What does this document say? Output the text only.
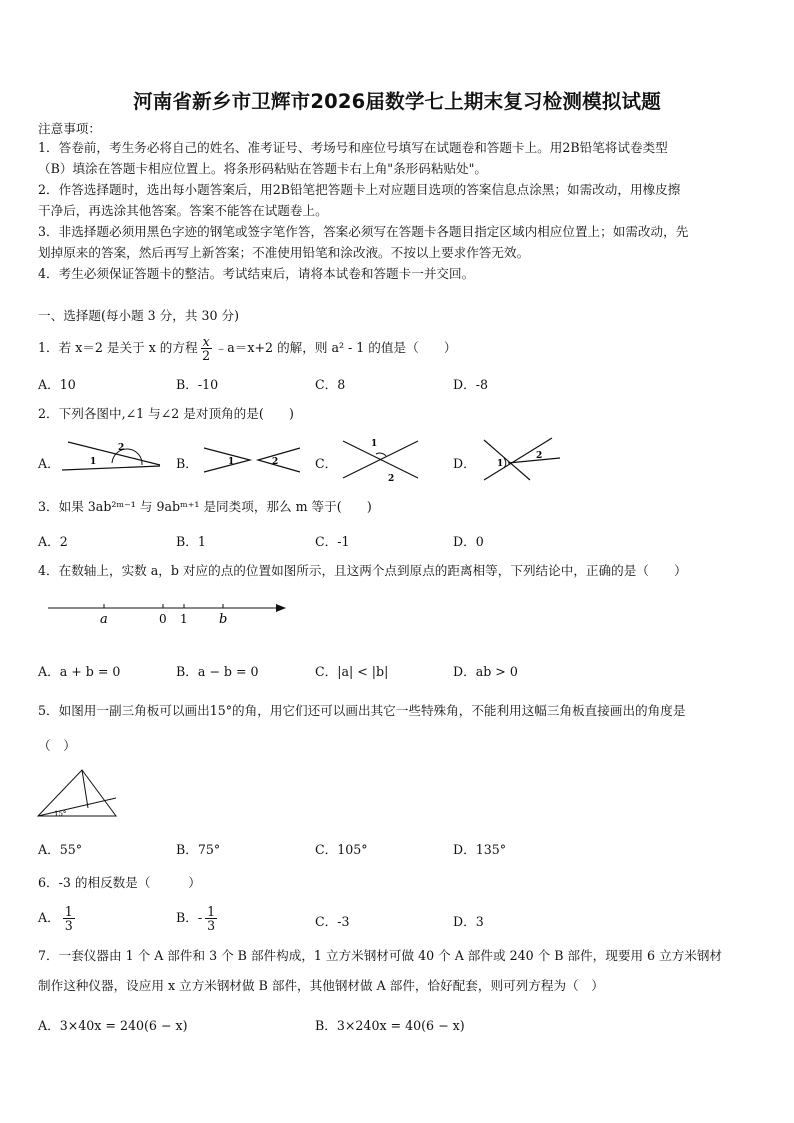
河南省新乡市卫辉市2026届数学七上期末复习检测模拟试题
注意事项：
1．答卷前，考生务必将自己的姓名、准考证号、考场号和座位号填写在试题卷和答题卡上。用2B铅笔将试卷类型
（B）填涂在答题卡相应位置上。将条形码粘贴在答题卡右上角"条形码粘贴处"。
2．作答选择题时，选出每小题答案后，用2B铅笔把答题卡上对应题目选项的答案信息点涂黑；如需改动，用橡皮擦
干净后，再选涂其他答案。答案不能答在试题卷上。
3．非选择题必须用黑色字迹的钢笔或签字笔作答，答案必须写在答题卡各题目指定区域内相应位置上；如需改动，先
划掉原来的答案，然后再写上新答案；不准使用铅笔和涂改液。不按以上要求作答无效。
4．考生必须保证答题卡的整洁。考试结束后，请将本试卷和答题卡一并交回。
一、选择题(每小题 3 分，共 30 分)
1．若 x＝2 是关于 x 的方程 $\frac{x}{2}$ ﹣a＝x+2 的解，则 a² - 1 的值是（　　）
A．10	B．-10	C．8	D．-8
2．下列各图中,∠1 与∠2 是对顶角的是(　　)
A．	B．	C．	D．
1
2
1	2
1
2
1
2
3．如果 3ab²ᵐ⁻¹ 与 9abᵐ⁺¹ 是同类项，那么 m 等于(　　)
A．2	B．1	C．-1	D．0
4．在数轴上，实数 a，b 对应的点的位置如图所示，且这两个点到原点的距离相等，下列结论中，正确的是（　　）
a	0 1 b
A．a + b = 0	B．a − b = 0	C．|a| < |b|	D．ab > 0
5．如图用一副三角板可以画出15°的角，用它们还可以画出其它一些特殊角，不能利用这幅三角板直接画出的角度是
（　）
15°
A．55°	B．75°	C．105°	D．135°
6．-3 的相反数是（　　　）
A． $\frac{1}{3}$	B．- $\frac{1}{3}$	C．-3	D．3
7．一套仪器由 1 个 A 部件和 3 个 B 部件构成，1 立方米钢材可做 40 个 A 部件或 240 个 B 部件，现要用 6 立方米钢材
制作这种仪器，设应用 x 立方米钢材做 B 部件，其他钢材做 A 部件，恰好配套，则可列方程为（　）
A．3×40x = 240(6 − x)	B．3×240x = 40(6 − x)
